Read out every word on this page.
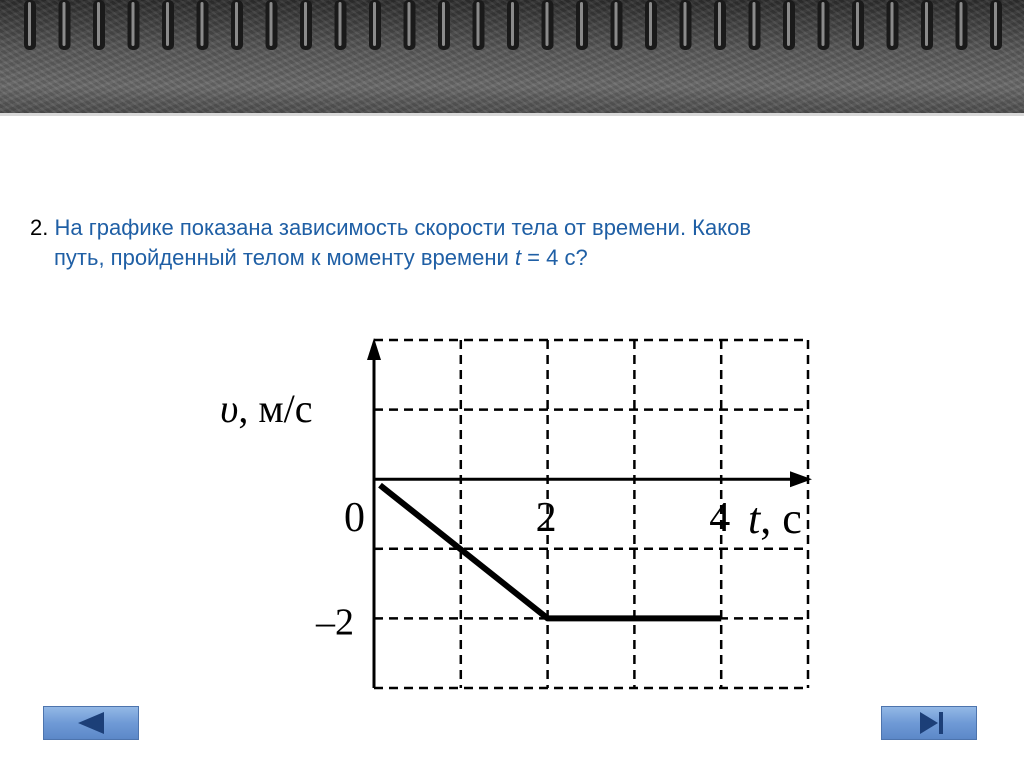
2. На графике показана зависимость скорости тела от времени. Каков
путь, пройденный телом к моменту времени t = 4 с?
0	2	4
–2
υ, м/с
t, с
